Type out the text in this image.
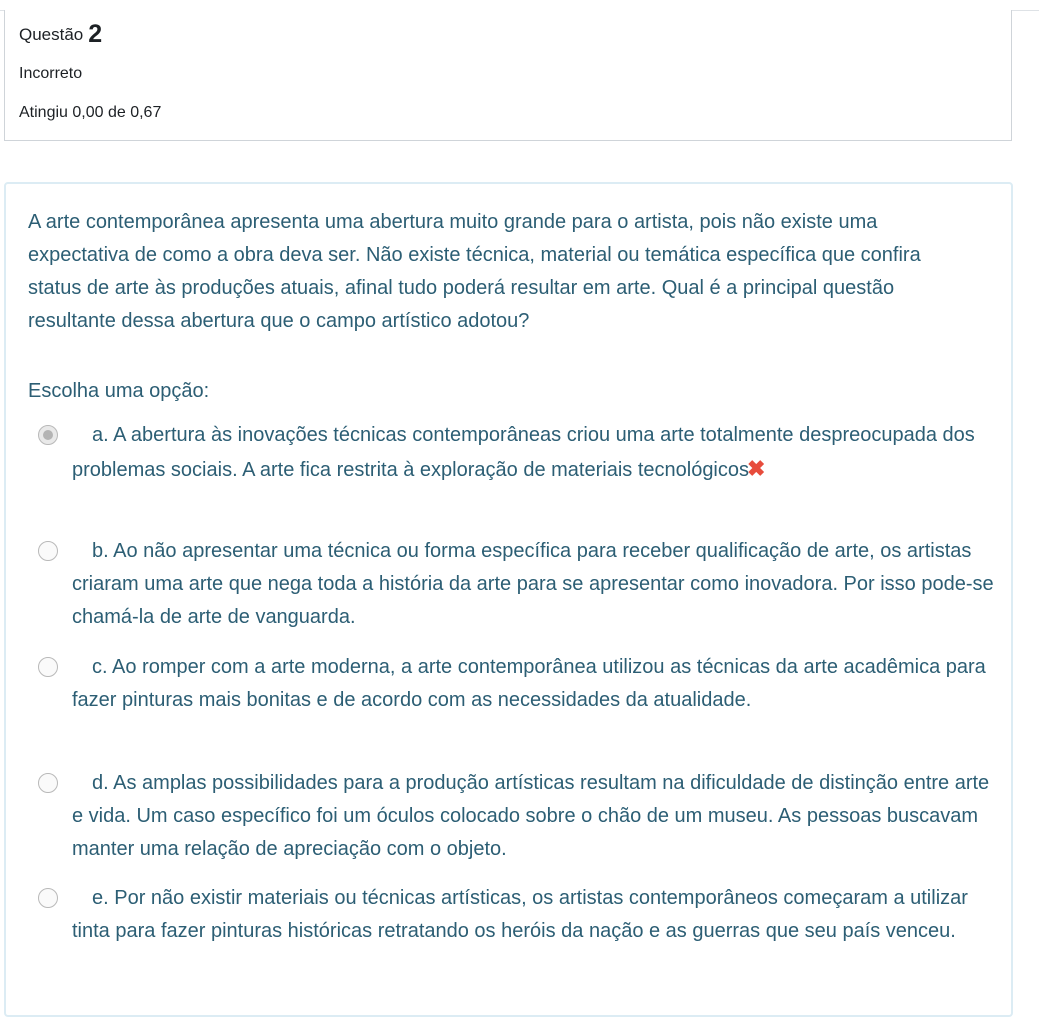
Questão 2
Incorreto
Atingiu 0,00 de 0,67
A arte contemporânea apresenta uma abertura muito grande para o artista, pois não existe uma expectativa de como a obra deva ser. Não existe técnica, material ou temática específica que confira status de arte às produções atuais, afinal tudo poderá resultar em arte. Qual é a principal questão resultante dessa abertura que o campo artístico adotou?
Escolha uma opção:
a. A abertura às inovações técnicas contemporâneas criou uma arte totalmente despreocupada dos problemas sociais. A arte fica restrita à exploração de materiais tecnológicos✖
b. Ao não apresentar uma técnica ou forma específica para receber qualificação de arte, os artistas criaram uma arte que nega toda a história da arte para se apresentar como inovadora. Por isso pode-se chamá-la de arte de vanguarda.
c. Ao romper com a arte moderna, a arte contemporânea utilizou as técnicas da arte acadêmica para fazer pinturas mais bonitas e de acordo com as necessidades da atualidade.
d. As amplas possibilidades para a produção artísticas resultam na dificuldade de distinção entre arte e vida. Um caso específico foi um óculos colocado sobre o chão de um museu. As pessoas buscavam manter uma relação de apreciação com o objeto.
e. Por não existir materiais ou técnicas artísticas, os artistas contemporâneos começaram a utilizar tinta para fazer pinturas históricas retratando os heróis da nação e as guerras que seu país venceu.
